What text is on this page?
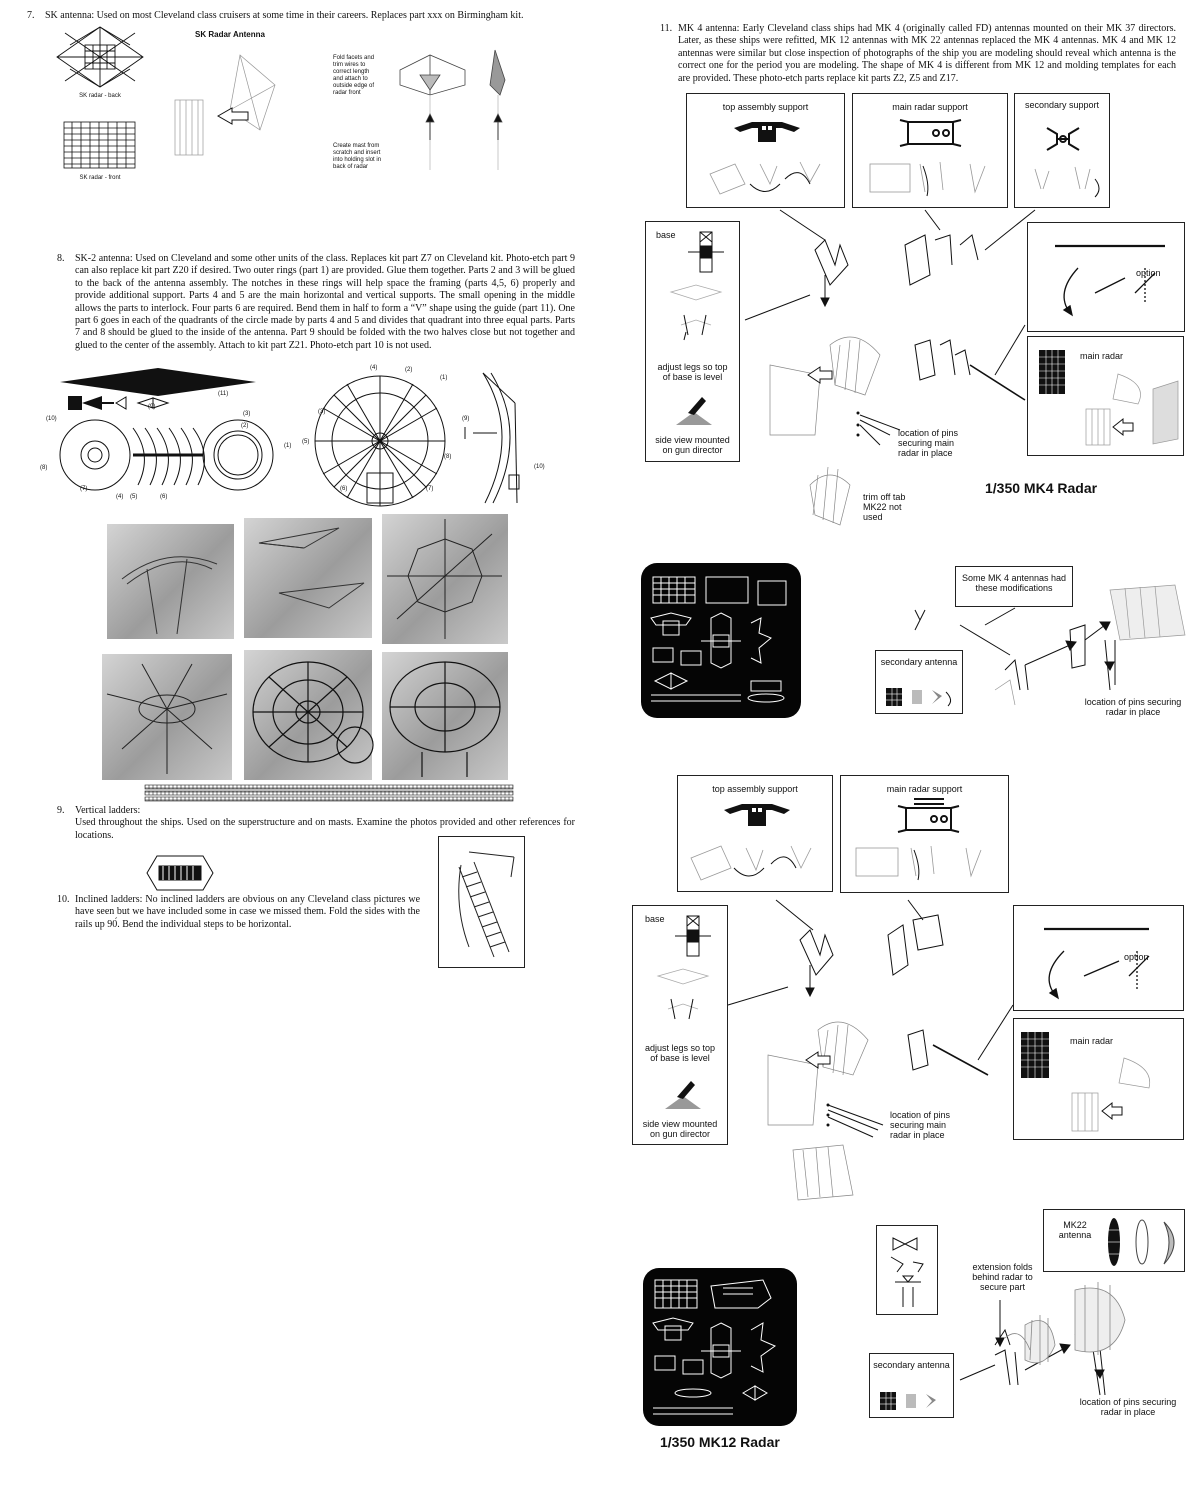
7. SK antenna: Used on most Cleveland class cruisers at some time in their careers. Replaces part xxx on Birmingham kit.
SK Radar Antenna
SK radar - back
SK radar - front
Fold facets and trim wires to correct length and attach to outside edge of radar front
Create mast from scratch and insert into holding slot in back of radar
8. SK-2 antenna: Used on Cleveland and some other units of the class. Replaces kit part Z7 on Cleveland kit. Photo-etch part 9 can also replace kit part Z20 if desired. Two outer rings (part 1) are provided. Glue them together. Parts 2 and 3 will be glued to the back of the antenna assembly. The notches in these rings will help space the framing (parts 4,5, 6) properly and provide additional support. Parts 4 and 5 are the main horizontal and vertical supports. The small opening in the middle allows the parts to interlock. Four parts 6 are required. Bend them in half to form a “V” shape using the guide (part 11). One part 6 goes in each of the quadrants of the circle made by parts 4 and 5 and divides that quadrant into three equal parts. Parts 7 and 8 should be glued to the inside of the antenna. Part 9 should be folded with the two halves close but not together and glued to the center of the assembly. Attach to kit part Z21. Photo-etch part 10 is not used.
(11)
(9)
(10)
(8)
(7)
(4) (5)	(6)
(3)
(2)
(1)
(4)	(2)
(1)
(3)
(5)
(8)
(6)	(7)
(9)
(10)
9. Vertical ladders:
Used throughout the ships. Used on the superstructure and on masts. Examine the photos provided and other references for locations.
10. Inclined ladders: No inclined ladders are obvious on any Cleveland class pictures we have seen but we have included some in case we missed them. Fold the sides with the rails up 90́. Bend the individual steps to be horizontal.
11. MK 4 antenna: Early Cleveland class ships had MK 4 (originally called FD) antennas mounted on their MK 37 directors. Later, as these ships were refitted, MK 12 antennas with MK 22 antennas replaced the MK 4 antennas. MK 4 and MK 12 antennas were similar but close inspection of photographs of the ship you are modeling should reveal which antenna is the correct one for the period you are modeling. The shape of MK 4 is different from MK 12 and molding templates for each are provided. These photo-etch parts replace kit parts Z2, Z5 and Z17.
top assembly support	main radar support	secondary support
base
adjust legs so top of base is level
side view mounted on gun director
option
main radar
location of pins securing main radar in place
trim off tab MK22 not used
1/350 MK4 Radar
Some MK 4 antennas had these modifications
secondary antenna
location of pins securing radar in place
top assembly support	main radar support
base
adjust legs so top of base is level
side view mounted on gun director
option
main radar
location of pins securing main radar in place
MK22 antenna
extension folds behind radar to secure part
secondary antenna
location of pins securing radar in place
1/350 MK12 Radar
